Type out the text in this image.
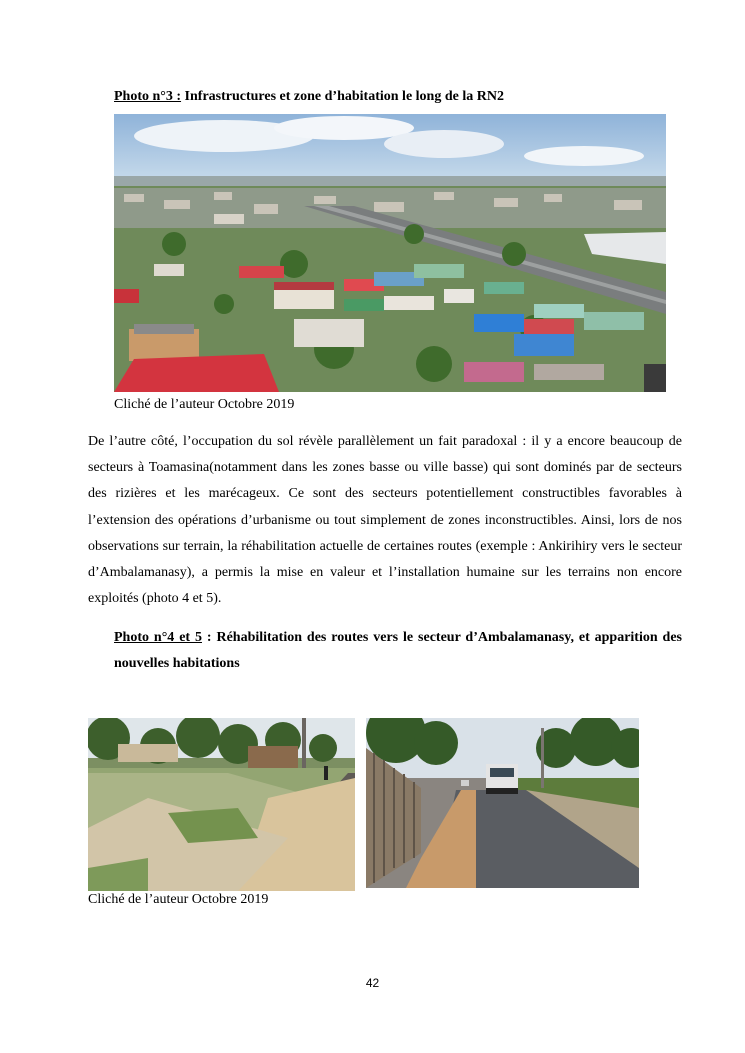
Photo n°3 : Infrastructures et zone d’habitation le long de la RN2
Cliché de l’auteur Octobre 2019
De l’autre côté, l’occupation du sol révèle parallèlement un fait paradoxal : il y a encore beaucoup de secteurs à Toamasina(notamment dans les zones basse ou ville basse) qui sont dominés par de secteurs des rizières et les marécageux. Ce sont des secteurs potentiellement constructibles favorables à l’extension des opérations d’urbanisme ou tout simplement de zones inconstructibles. Ainsi, lors de nos observations sur terrain, la réhabilitation actuelle de certaines routes (exemple : Ankirihiry vers le secteur d’Ambalamanasy), a permis la mise en valeur et l’installation humaine sur les terrains non encore exploités (photo 4 et 5).
Photo n°4 et 5 : Réhabilitation des routes vers le secteur d’Ambalamanasy, et apparition des nouvelles habitations
Cliché de l’auteur Octobre 2019
42
